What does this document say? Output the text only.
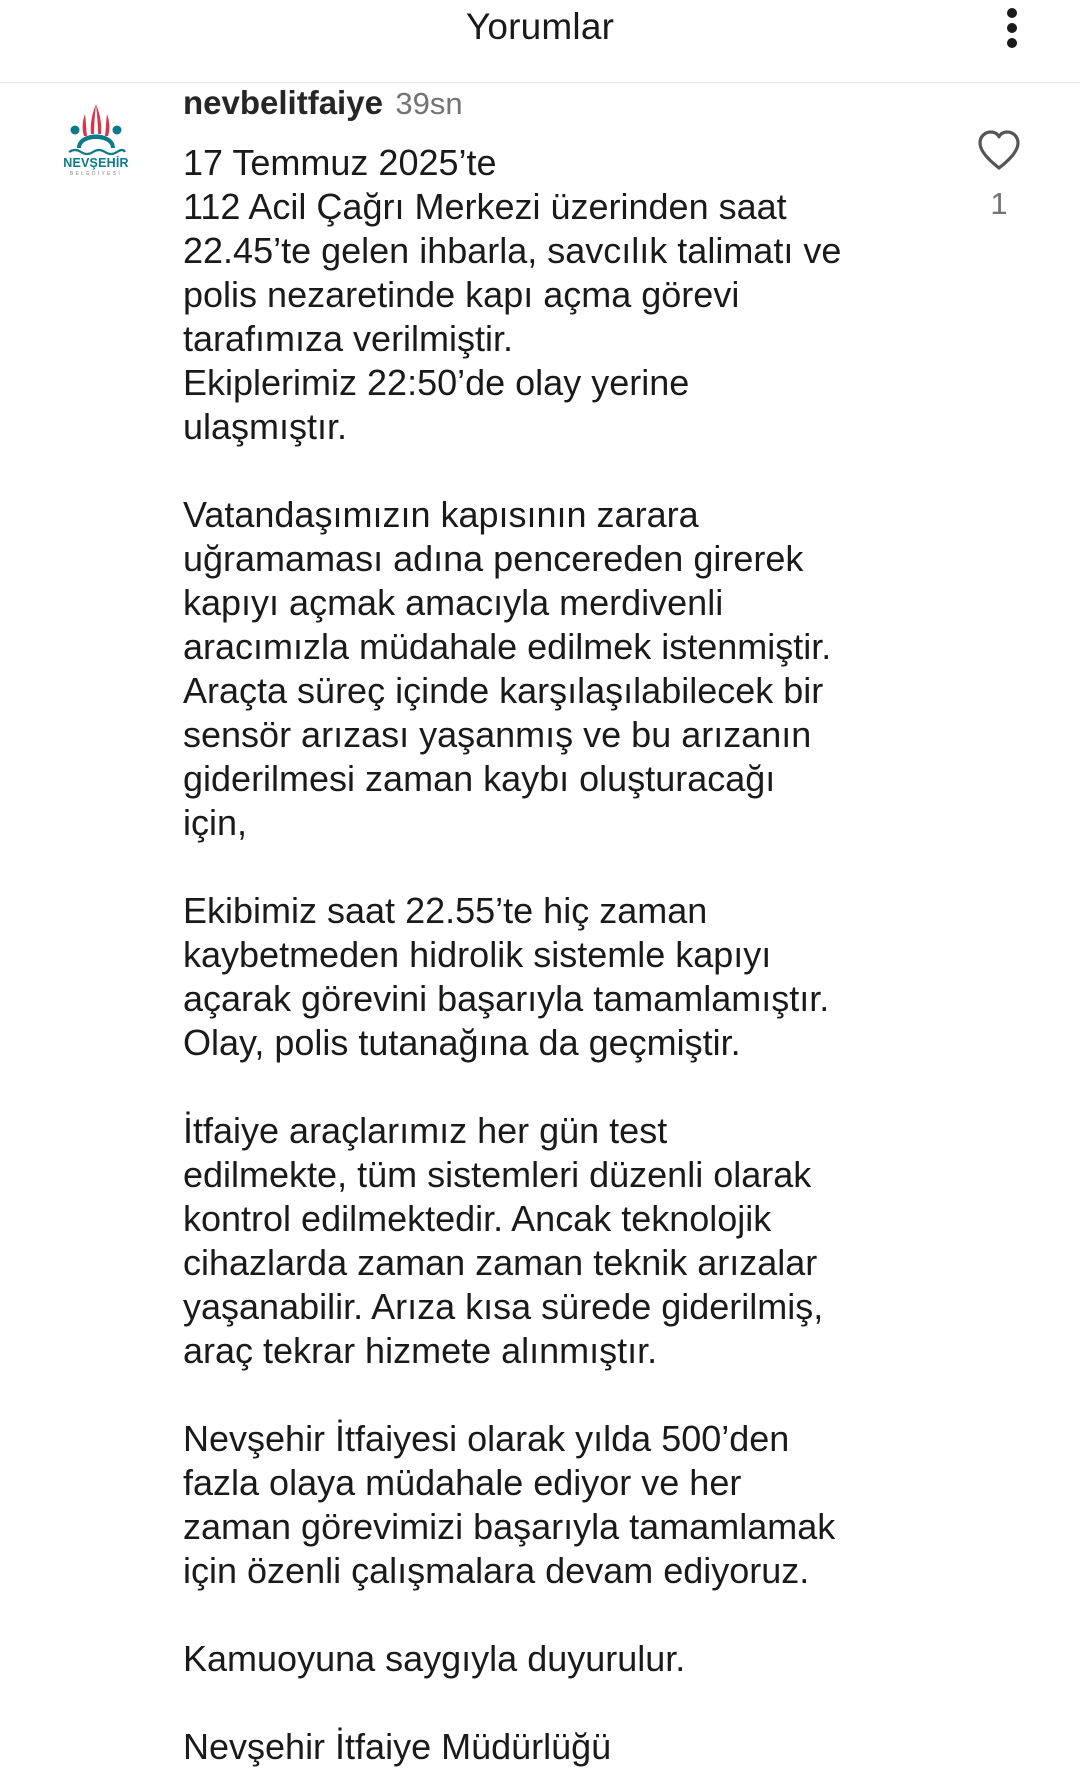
Yorumlar
NEVŞEHİR
BELEDİYESİ
nevbelitfaiye 39sn

17 Temmuz 2025’te
112 Acil Çağrı Merkezi üzerinden saat
22.45’te gelen ihbarla, savcılık talimatı ve
polis nezaretinde kapı açma görevi
tarafımıza verilmiştir.
Ekiplerimiz 22:50’de olay yerine
ulaşmıştır.

Vatandaşımızın kapısının zarara
uğramaması adına pencereden girerek
kapıyı açmak amacıyla merdivenli
aracımızla müdahale edilmek istenmiştir.
Araçta süreç içinde karşılaşılabilecek bir
sensör arızası yaşanmış ve bu arızanın
giderilmesi zaman kaybı oluşturacağı
için,

Ekibimiz saat 22.55’te hiç zaman
kaybetmeden hidrolik sistemle kapıyı
açarak görevini başarıyla tamamlamıştır.
Olay, polis tutanağına da geçmiştir.

İtfaiye araçlarımız her gün test
edilmekte, tüm sistemleri düzenli olarak
kontrol edilmektedir. Ancak teknolojik
cihazlarda zaman zaman teknik arızalar
yaşanabilir. Arıza kısa sürede giderilmiş,
araç tekrar hizmete alınmıştır.

Nevşehir İtfaiyesi olarak yılda 500’den
fazla olaya müdahale ediyor ve her
zaman görevimizi başarıyla tamamlamak
için özenli çalışmalara devam ediyoruz.

Kamuoyuna saygıyla duyurulur.

Nevşehir İtfaiye Müdürlüğü

1
